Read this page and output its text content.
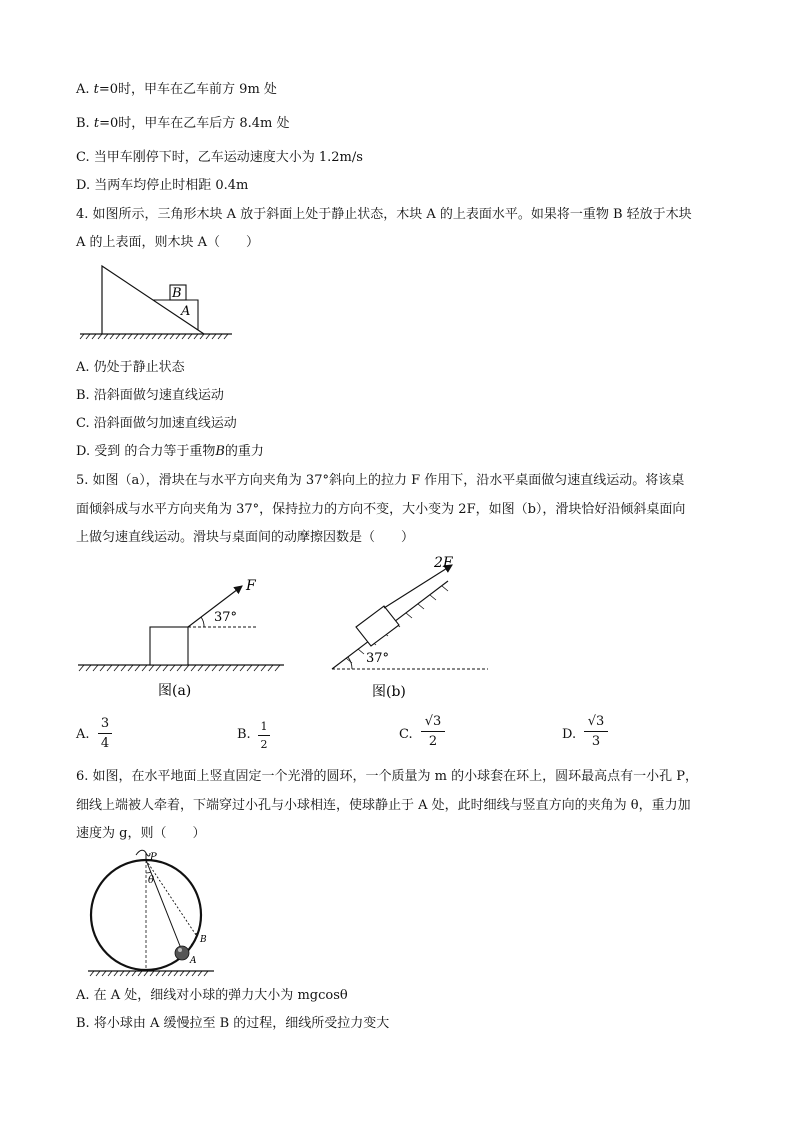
A. t=0时，甲车在乙车前方 9m 处
B. t=0时，甲车在乙车后方 8.4m 处
C. 当甲车刚停下时，乙车运动速度大小为 1.2m/s
D. 当两车均停止时相距 0.4m
4. 如图所示，三角形木块 A 放于斜面上处于静止状态，木块 A 的上表面水平。如果将一重物 B 轻放于木块
A 的上表面，则木块 A（　　）
B
A
A. 仍处于静止状态
B. 沿斜面做匀速直线运动
C. 沿斜面做匀加速直线运动
D. 受到 的合力等于重物B的重力
5. 如图（a），滑块在与水平方向夹角为 37°斜向上的拉力 F 作用下，沿水平桌面做匀速直线运动。将该桌
面倾斜成与水平方向夹角为 37°，保持拉力的方向不变，大小变为 2F，如图（b），滑块恰好沿倾斜桌面向
上做匀速直线运动。滑块与桌面间的动摩擦因数是（　　）
F
37°
图(a)
2F
37°
图(b)
A.
3
4
B.
1
2
C.
√3
2	D.
√3
3
6. 如图，在水平地面上竖直固定一个光滑的圆环，一个质量为 m 的小球套在环上，圆环最高点有一小孔 P，
细线上端被人牵着，下端穿过小孔与小球相连，使球静止于 A 处，此时细线与竖直方向的夹角为 θ，重力加
速度为 g，则（　　）
P
θ
B
A
A. 在 A 处，细线对小球的弹力大小为 mgcosθ
B. 将小球由 A 缓慢拉至 B 的过程，细线所受拉力变大
